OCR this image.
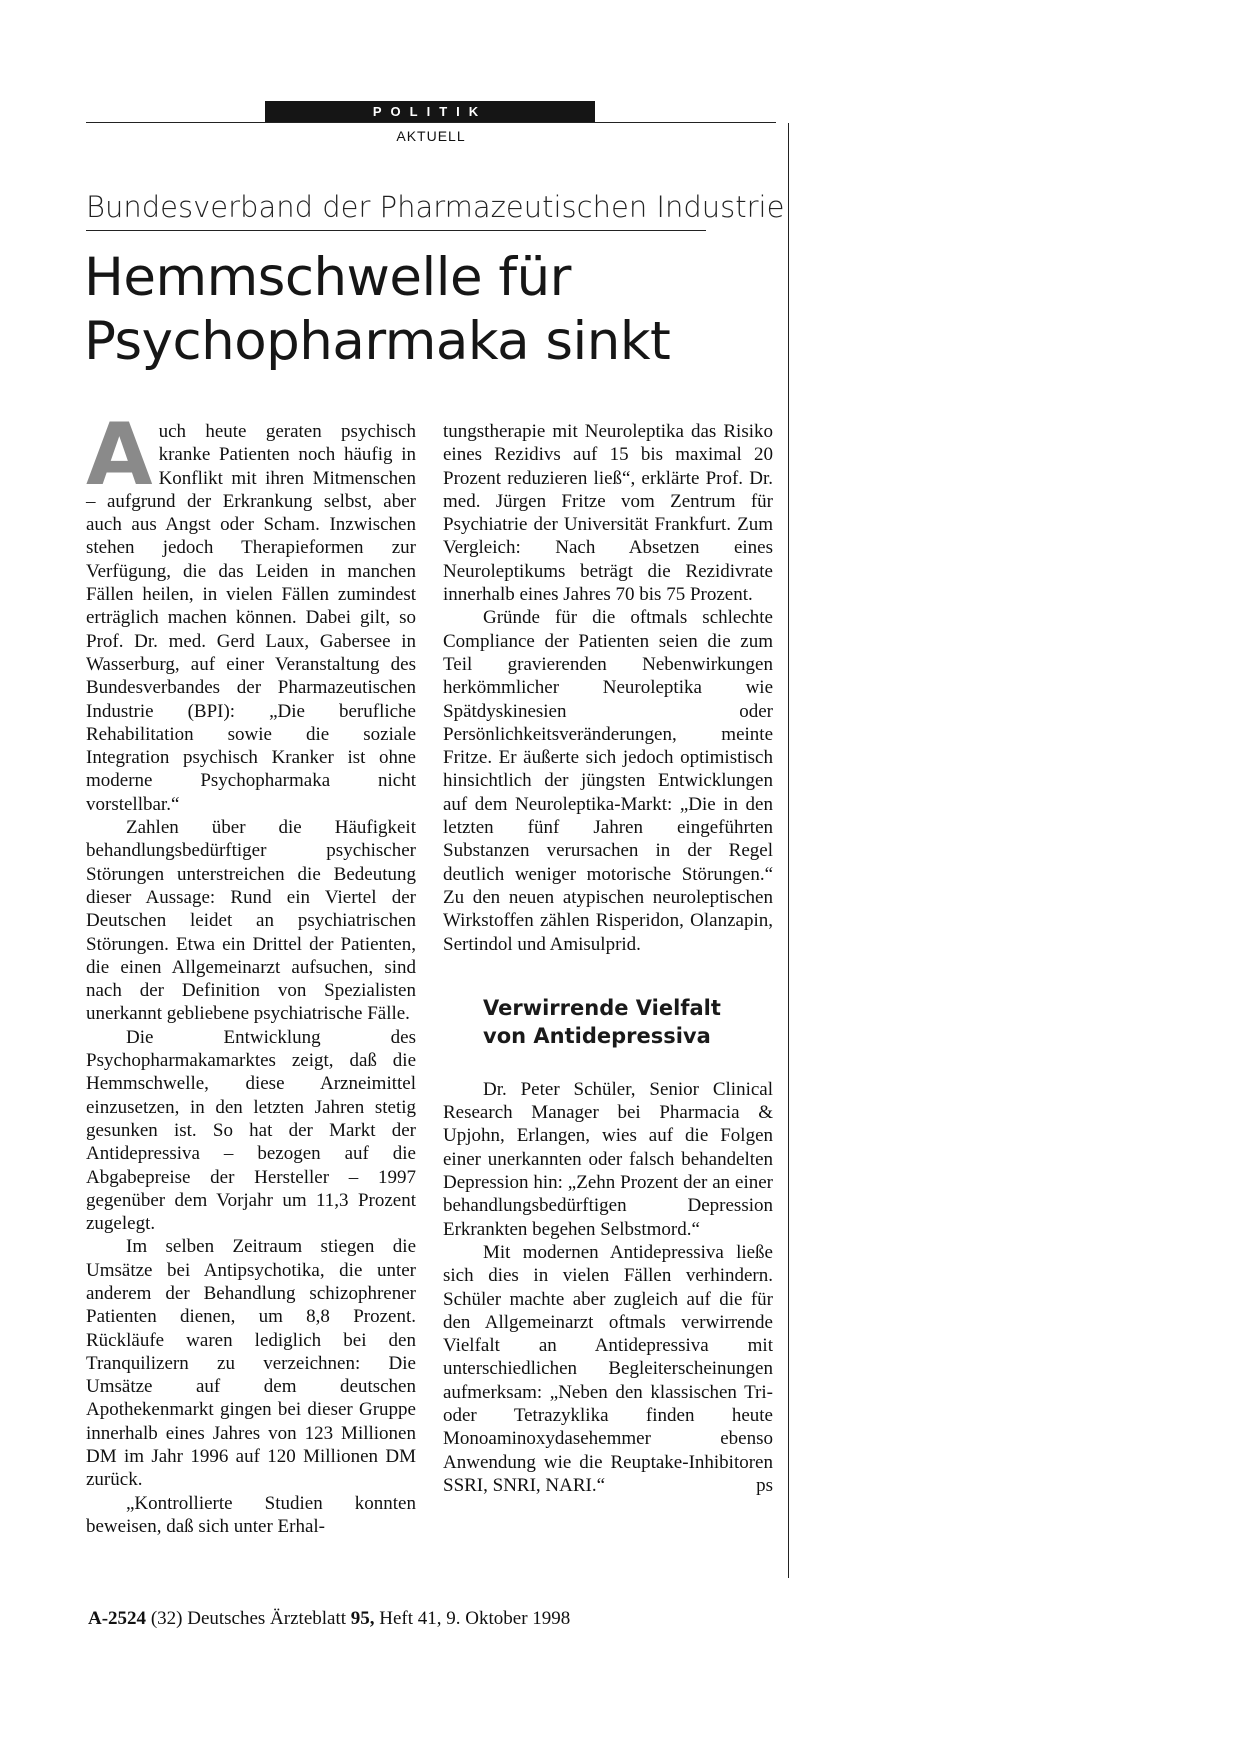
POLITIK
AKTUELL
Bundesverband der Pharmazeutischen Industrie
Hemmschwelle für
Psychopharmaka sinkt

Auch heute geraten psychisch kranke Patienten noch häufig in Konflikt mit ihren Mitmenschen – aufgrund der Erkrankung selbst, aber auch aus Angst oder Scham. Inzwischen stehen jedoch Therapieformen zur Verfügung, die das Leiden in manchen Fällen heilen, in vielen Fällen zumindest erträglich machen können. Dabei gilt, so Prof. Dr. med. Gerd Laux, Gabersee in Wasserburg, auf einer Veranstaltung des Bundesverbandes der Pharmazeutischen Industrie (BPI): „Die berufliche Rehabilitation sowie die soziale Integration psychisch Kranker ist ohne moderne Psychopharmaka nicht vorstellbar.“

Zahlen über die Häufigkeit behandlungsbedürftiger psychischer Störungen unterstreichen die Bedeutung dieser Aussage: Rund ein Viertel der Deutschen leidet an psychiatrischen Störungen. Etwa ein Drittel der Patienten, die einen Allgemeinarzt aufsuchen, sind nach der Definition von Spezialisten unerkannt gebliebene psychiatrische Fälle.

Die Entwicklung des Psychopharmakamarktes zeigt, daß die Hemmschwelle, diese Arzneimittel einzusetzen, in den letzten Jahren stetig gesunken ist. So hat der Markt der Antidepressiva – bezogen auf die Abgabepreise der Hersteller – 1997 gegenüber dem Vorjahr um 11,3 Prozent zugelegt.

Im selben Zeitraum stiegen die Umsätze bei Antipsychotika, die unter anderem der Behandlung schizophrener Patienten dienen, um 8,8 Prozent. Rückläufe waren lediglich bei den Tranquilizern zu verzeichnen: Die Umsätze auf dem deutschen Apothekenmarkt gingen bei dieser Gruppe innerhalb eines Jahres von 123 Millionen DM im Jahr 1996 auf 120 Millionen DM zurück.

„Kontrollierte Studien konnten beweisen, daß sich unter Erhal-

tungstherapie mit Neuroleptika das Risiko eines Rezidivs auf 15 bis maximal 20 Prozent reduzieren ließ“, erklärte Prof. Dr. med. Jürgen Fritze vom Zentrum für Psychiatrie der Universität Frankfurt. Zum Vergleich: Nach Absetzen eines Neuroleptikums beträgt die Rezidivrate innerhalb eines Jahres 70 bis 75 Prozent.

Gründe für die oftmals schlechte Compliance der Patienten seien die zum Teil gravierenden Nebenwirkungen herkömmlicher Neuroleptika wie Spätdyskinesien oder Persönlichkeitsveränderungen, meinte Fritze. Er äußerte sich jedoch optimistisch hinsichtlich der jüngsten Entwicklungen auf dem Neuroleptika-Markt: „Die in den letzten fünf Jahren eingeführten Substanzen verursachen in der Regel deutlich weniger motorische Störungen.“ Zu den neuen atypischen neuroleptischen Wirkstoffen zählen Risperidon, Olanzapin, Sertindol und Amisulprid.

Verwirrende Vielfalt
von Antidepressiva

Dr. Peter Schüler, Senior Clinical Research Manager bei Pharmacia & Upjohn, Erlangen, wies auf die Folgen einer unerkannten oder falsch behandelten Depression hin: „Zehn Prozent der an einer behandlungsbedürftigen Depression Erkrankten begehen Selbstmord.“

Mit modernen Antidepressiva ließe sich dies in vielen Fällen verhindern. Schüler machte aber zugleich auf die für den Allgemeinarzt oftmals verwirrende Vielfalt an Antidepressiva mit unterschiedlichen Begleiterscheinungen aufmerksam: „Neben den klassischen Tri- oder Tetrazyklika finden heute Monoaminoxydasehemmer ebenso Anwendung wie die Reuptake-Inhibitoren SSRI, SNRI, NARI.“	ps

A-2524 (32) Deutsches Ärzteblatt 95, Heft 41, 9. Oktober 1998
